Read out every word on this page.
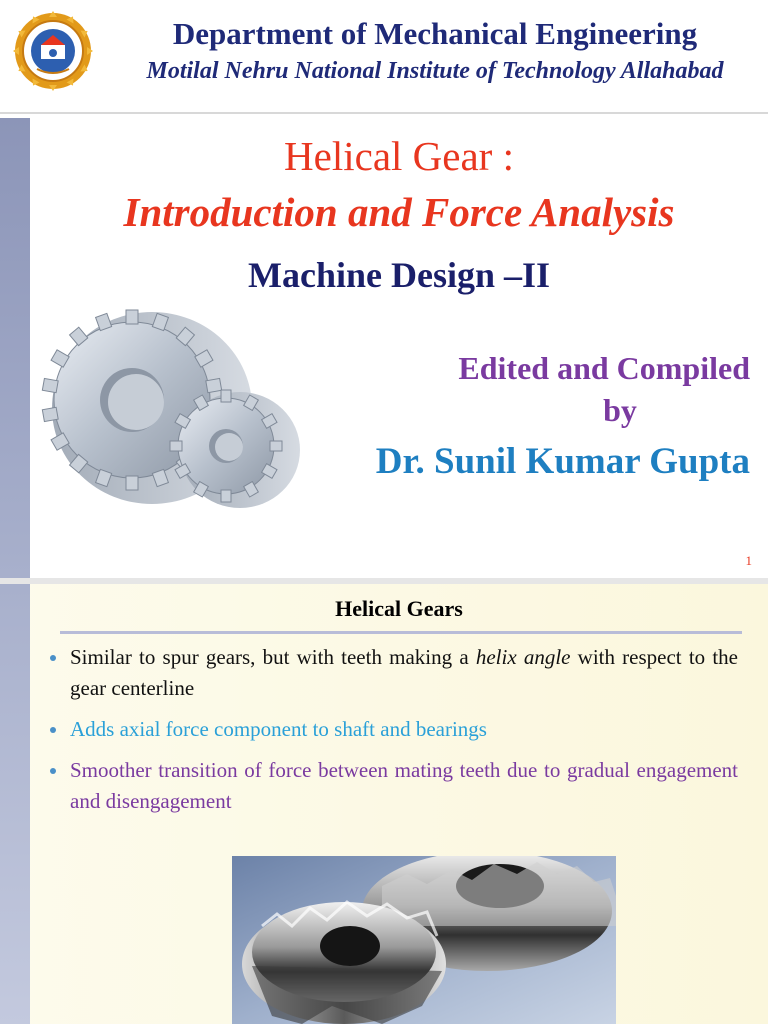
Department of Mechanical Engineering
Motilal Nehru National Institute of Technology Allahabad
Helical Gear :
Introduction and Force Analysis
Machine Design –II
Edited and Compiled
by
Dr. Sunil Kumar Gupta
1
Helical Gears
Similar to spur gears, but with teeth making a helix angle with respect to the gear centerline
Adds axial force component to shaft and bearings
Smoother transition of force between mating teeth due to gradual engagement and disengagement
